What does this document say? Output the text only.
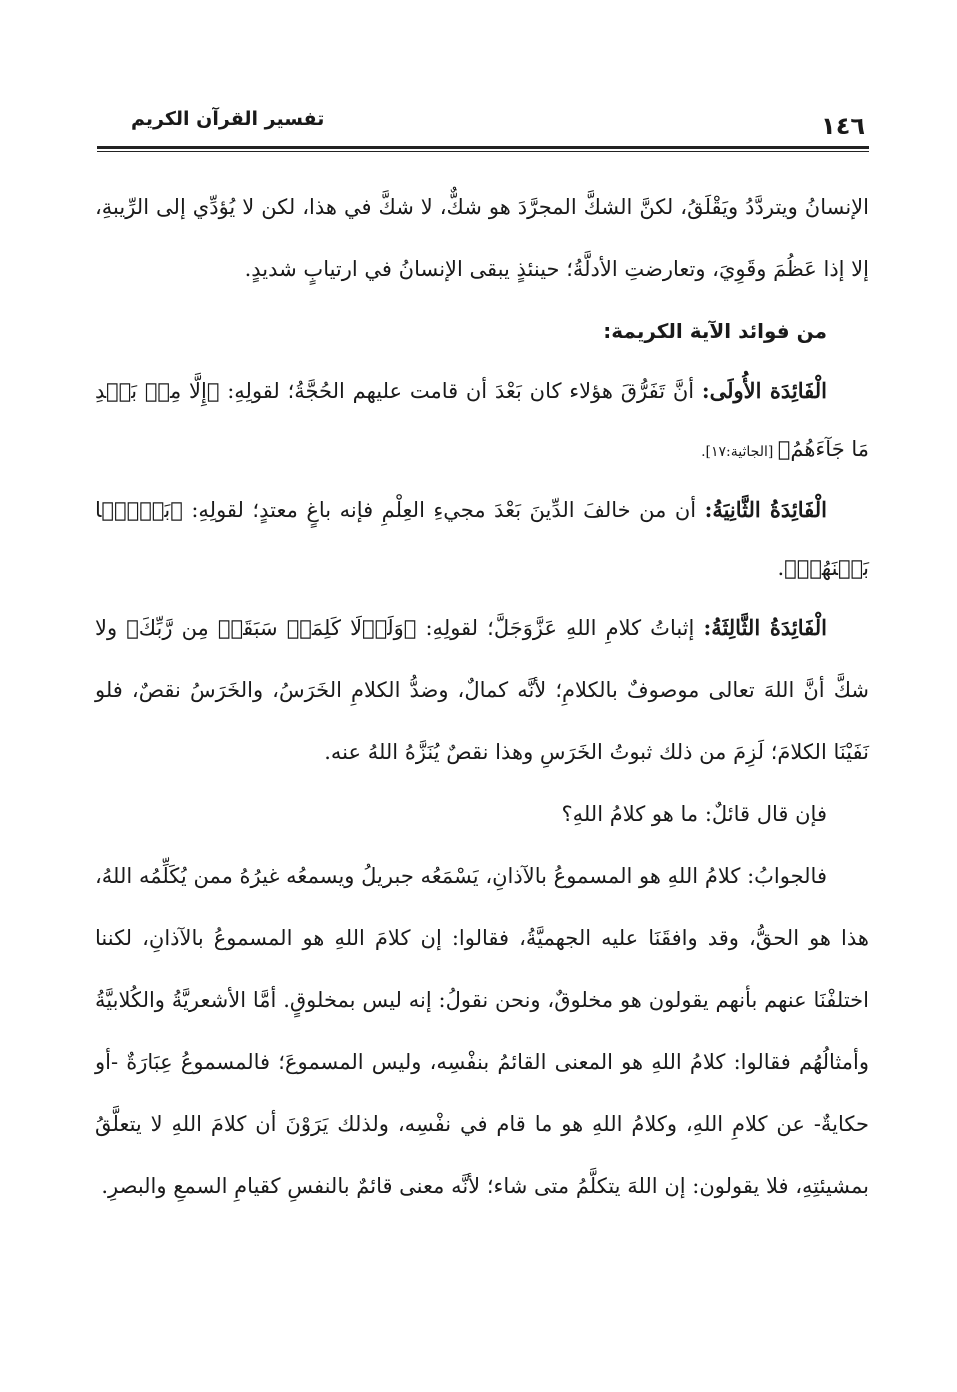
١٤٦
تفسير القرآن الكريم

الإنسانُ ويتردَّدُ ويَقْلَقُ، لكنَّ الشكَّ المجرَّدَ هو شكٌّ، لا شكَّ في هذا، لكن لا يُؤدِّي إلى الرِّيبةِ، إلا إذا عَظُمَ وقَوِيَ، وتعارضتِ الأدلَّةُ؛ حينئذٍ يبقى الإنسانُ في ارتيابٍ شديدٍ.

من فوائد الآية الكريمة:

الْفَائِدَة الأُولَى: أنَّ تَفَرُّقَ هؤلاء كان بَعْدَ أن قامت عليهم الحُجَّةُ؛ لقولِهِ: ﴿إِلَّا مِنۢ بَعۡدِ مَا جَآءَهُمُ﴾ [الجاثية:١٧].

الْفَائِدَةُ الثَّانِيَةُ: أن من خالفَ الدِّينَ بَعْدَ مجيءِ العِلْمِ فإنه باغٍ معتدٍ؛ لقولِهِ: ﴿بَغۡيَۢا بَيۡنَهُمۡ﴾.

الْفَائِدَةُ الثَّالِثَةُ: إثباتُ كلامِ اللهِ عَزَّوَجَلَّ؛ لقولِهِ: ﴿وَلَوۡلَا كَلِمَةٞ سَبَقَتۡ مِن رَّبِّكَ﴾ ولا شكَّ أنَّ اللهَ تعالى موصوفٌ بالكلامِ؛ لأنَّه كمالٌ، وضدُّ الكلامِ الخَرَسُ، والخَرَسُ نقصٌ، فلو نَفَيْنَا الكلامَ؛ لَزِمَ من ذلك ثبوتُ الخَرَسِ وهذا نقصٌ يُنَزَّهُ اللهُ عنه.

فإن قال قائلٌ: ما هو كلامُ اللهِ؟

فالجوابُ: كلامُ اللهِ هو المسموعُ بالآذانِ، يَسْمَعُه جبريلُ ويسمعُه غيرُهُ ممن يُكَلِّمُه اللهُ، هذا هو الحقُّ، وقد وافقَنَا عليه الجهميَّةُ، فقالوا: إن كلامَ اللهِ هو المسموعُ بالآذانِ، لكننا اختلفْنَا عنهم بأنهم يقولون هو مخلوقٌ، ونحن نقولُ: إنه ليس بمخلوقٍ. أمَّا الأشعريَّةُ والكُلابيَّةُ وأمثالُهُم فقالوا: كلامُ اللهِ هو المعنى القائمُ بنفْسِه، وليس المسموعَ؛ فالمسموعُ عِبَارَةٌ -أو حكايةٌ- عن كلامِ اللهِ، وكلامُ اللهِ هو ما قام في نفْسِه، ولذلك يَرَوْنَ أن كلامَ اللهِ لا يتعلَّقُ بمشيئتِهِ، فلا يقولون: إن اللهَ يتكلَّمُ متى شاء؛ لأنَّه معنى قائمٌ بالنفسِ كقيامِ السمعِ والبصرِ.
